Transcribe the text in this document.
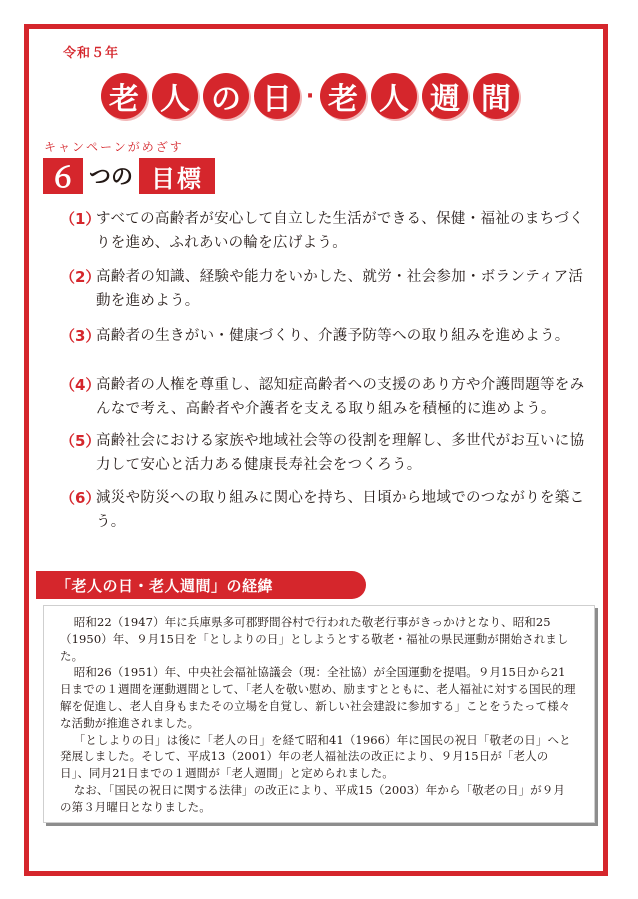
令和５年
老 人 の 日 · 老 人 週 間
キャンペーンがめざす
６ つの 目標
（1）
すべての高齢者が安心して自立した生活ができる、保健・福祉のまちづくりを進め、ふれあいの輪を広げよう。
（2）
高齢者の知識、経験や能力をいかした、就労・社会参加・ボランティア活動を進めよう。
（3）
高齢者の生きがい・健康づくり、介護予防等への取り組みを進めよう。
（4）
高齢者の人権を尊重し、認知症高齢者への支援のあり方や介護問題等をみんなで考え、高齢者や介護者を支える取り組みを積極的に進めよう。
（5）
高齢社会における家族や地域社会等の役割を理解し、多世代がお互いに協力して安心と活力ある健康長寿社会をつくろう。
（6）
減災や防災への取り組みに関心を持ち、日頃から地域でのつながりを築こう。
「老人の日・老人週間」の経緯

昭和22（1947）年に兵庫県多可郡野間谷村で行われた敬老行事がきっかけとなり、昭和25（1950）年、９月15日を「としよりの日」としようとする敬老・福祉の県民運動が開始されました。

昭和26（1951）年、中央社会福祉協議会（現：全社協）が全国運動を提唱。９月15日から21日までの１週間を運動週間として、「老人を敬い慰め、励ますとともに、老人福祉に対する国民的理解を促進し、老人自身もまたその立場を自覚し、新しい社会建設に参加する」ことをうたって様々な活動が推進されました。

「としよりの日」は後に「老人の日」を経て昭和41（1966）年に国民の祝日「敬老の日」へと発展しました。そして、平成13（2001）年の老人福祉法の改正により、９月15日が「老人の日」、同月21日までの１週間が「老人週間」と定められました。

なお、「国民の祝日に関する法律」の改正により、平成15（2003）年から「敬老の日」が９月の第３月曜日となりました。
